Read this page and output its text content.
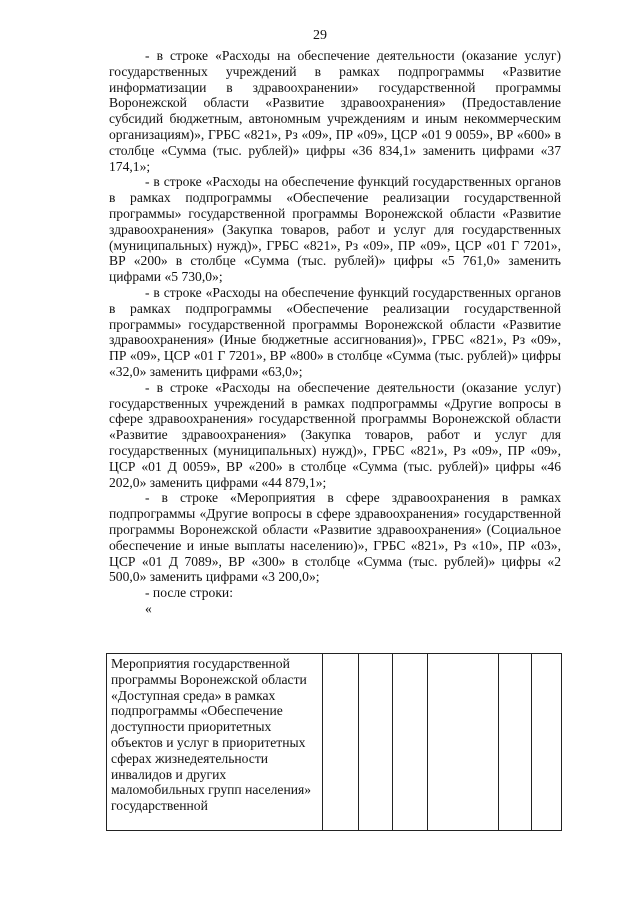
29

- в строке «Расходы на обеспечение деятельности (оказание услуг) государственных учреждений в рамках подпрограммы «Развитие информатизации в здравоохранении» государственной программы Воронежской области «Развитие здравоохранения» (Предоставление субсидий бюджетным, автономным учреждениям и иным некоммерческим организациям)», ГРБС «821», Рз «09», ПР «09», ЦСР «01 9 0059», ВР «600» в столбце «Сумма (тыс. рублей)» цифры «36 834,1» заменить цифрами «37 174,1»;

- в строке «Расходы на обеспечение функций государственных органов в рамках подпрограммы «Обеспечение реализации государственной программы» государственной программы Воронежской области «Развитие здравоохранения» (Закупка товаров, работ и услуг для государственных (муниципальных) нужд)», ГРБС «821», Рз «09», ПР «09», ЦСР «01 Г 7201», ВР «200» в столбце «Сумма (тыс. рублей)» цифры «5 761,0» заменить цифрами «5 730,0»;

- в строке «Расходы на обеспечение функций государственных органов в рамках подпрограммы «Обеспечение реализации государственной программы» государственной программы Воронежской области «Развитие здравоохранения» (Иные бюджетные ассигнования)», ГРБС «821», Рз «09», ПР «09», ЦСР «01 Г 7201», ВР «800» в столбце «Сумма (тыс. рублей)» цифры «32,0» заменить цифрами «63,0»;

- в строке «Расходы на обеспечение деятельности (оказание услуг) государственных учреждений в рамках подпрограммы «Другие вопросы в сфере здравоохранения» государственной программы Воронежской области «Развитие здравоохранения» (Закупка товаров, работ и услуг для государственных (муниципальных) нужд)», ГРБС «821», Рз «09», ПР «09», ЦСР «01 Д 0059», ВР «200» в столбце «Сумма (тыс. рублей)» цифры «46 202,0» заменить цифрами «44 879,1»;

- в строке «Мероприятия в сфере здравоохранения в рамках подпрограммы «Другие вопросы в сфере здравоохранения» государственной программы Воронежской области «Развитие здравоохранения» (Социальное обеспечение и иные выплаты населению)», ГРБС «821», Рз «10», ПР «03», ЦСР «01 Д 7089», ВР «300» в столбце «Сумма (тыс. рублей)» цифры «2 500,0» заменить цифрами «3 200,0»;

- после строки:

«

Мероприятия государственной программы Воронежской области «Доступная среда» в рамках подпрограммы «Обеспечение доступности приоритетных объектов и услуг в приоритетных сферах жизнедеятельности инвалидов и других маломобильных групп населения» государственной						
